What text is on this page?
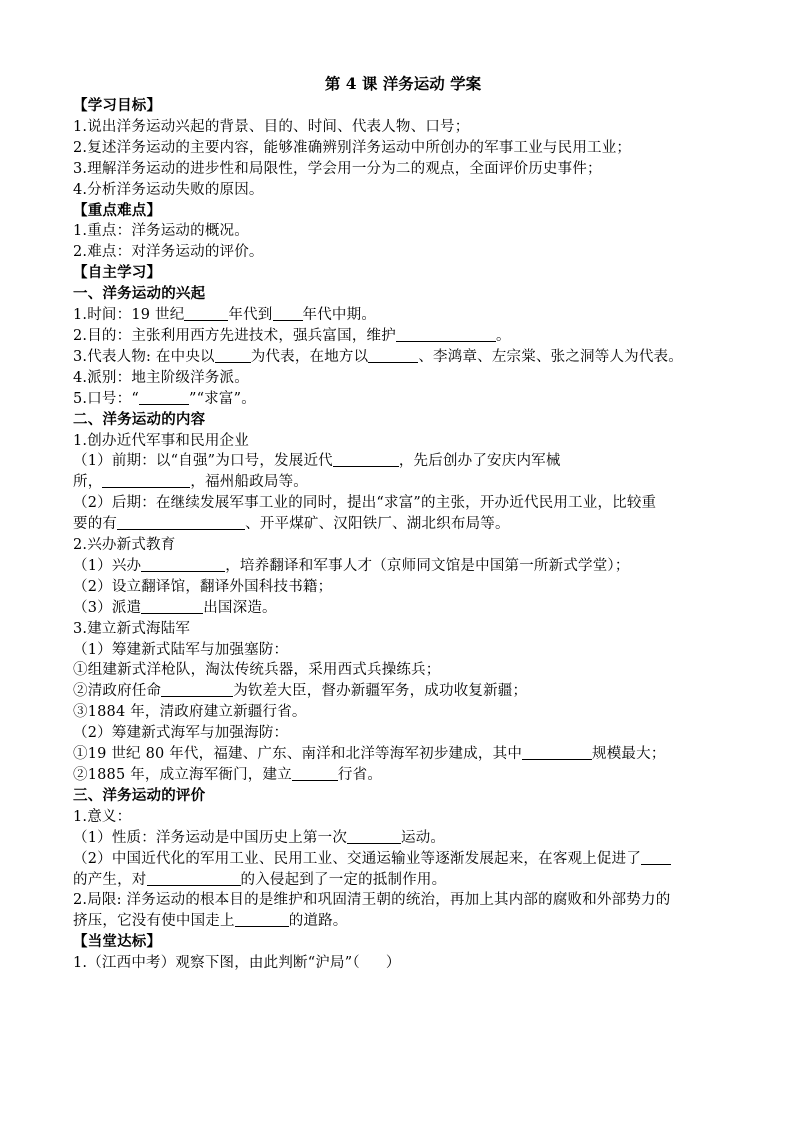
第 4 课 洋务运动 学案
【学习目标】
1.说出洋务运动兴起的背景、目的、时间、代表人物、口号；
2.复述洋务运动的主要内容，能够准确辨别洋务运动中所创办的军事工业与民用工业；
3.理解洋务运动的进步性和局限性，学会用一分为二的观点，全面评价历史事件；
4.分析洋务运动失败的原因。
【重点难点】
1.重点：洋务运动的概况。
2.难点：对洋务运动的评价。
【自主学习】
一、洋务运动的兴起
1.时间：19 世纪	年代到 年代中期。
2.目的：主张利用西方先进技术，强兵富国，维护	。
3.代表人物: 在中央以 为代表，在地方以	、李鸿章、左宗棠、张之洞等人为代表。
4.派别：地主阶级洋务派。
5.口号：“	”“求富”。
二、洋务运动的内容
1.创办近代军事和民用企业
（1）前期：以“自强”为口号，发展近代	，先后创办了安庆内军械
所，	，福州船政局等。
（2）后期：在继续发展军事工业的同时，提出“求富”的主张，开办近代民用工业，比较重
要的有	、开平煤矿、汉阳铁厂、湖北织布局等。
2.兴办新式教育
（1）兴办	，培养翻译和军事人才（京师同文馆是中国第一所新式学堂）；
（2）设立翻译馆，翻译外国科技书籍；
（3）派遣	出国深造。
3.建立新式海陆军
（1）筹建新式陆军与加强塞防：
①组建新式洋枪队，淘汰传统兵器，采用西式兵操练兵；
②清政府任命	为钦差大臣，督办新疆军务，成功收复新疆；
③1884 年，清政府建立新疆行省。
（2）筹建新式海军与加强海防：
①19 世纪 80 年代，福建、广东、南洋和北洋等海军初步建成，其中	规模最大；
②1885 年，成立海军衙门，建立	行省。
三、洋务运动的评价
1.意义：
（1）性质：洋务运动是中国历史上第一次	运动。
（2）中国近代化的军用工业、民用工业、交通运输业等逐渐发展起来，在客观上促进了
的产生，对	的入侵起到了一定的抵制作用。
2.局限: 洋务运动的根本目的是维护和巩固清王朝的统治，再加上其内部的腐败和外部势力的
挤压，它没有使中国走上	的道路。
【当堂达标】
1.（江西中考）观察下图，由此判断“沪局”（ ）
